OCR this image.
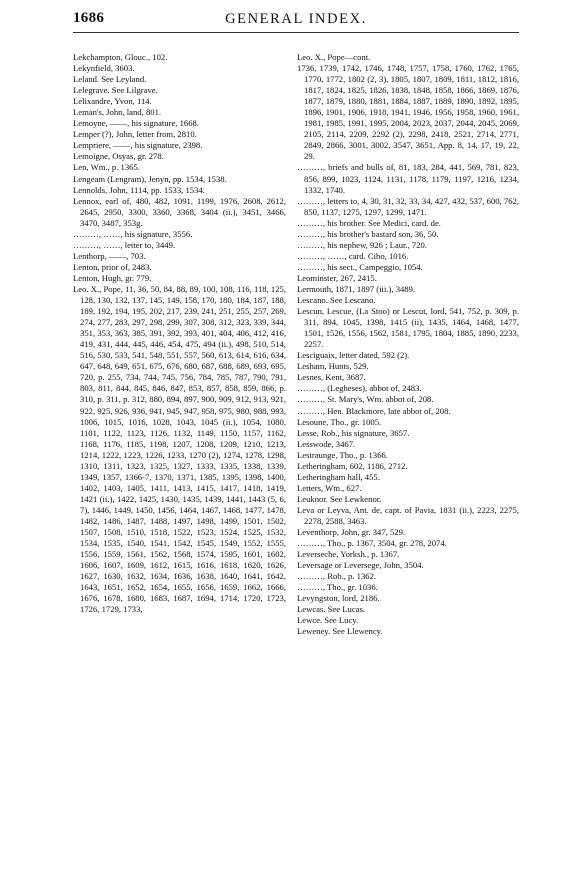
1686	GENERAL INDEX.

Lekchampton, Glouc., 102.

Lekynfield, 3603.

Leland. See Leyland.

Lelegrave. See Lilgrave.

Lelixandre, Yvon, 114.

Leman's, John, land, 801.

Lemoyne, ——, his signature, 1668.

Lemper (?), John, letter from, 2810.

Lempriere, ——, his signature, 2398.

Lemoigne, Osyas, gr. 278.

Len, Wm., p. 1365.

Lengeam (Lengram), Jenyn, pp. 1534, 1538.

Lennolds, John, 1114, pp. 1533, 1534.

Lennox, earl of, 480, 482, 1091, 1199, 1976, 2608, 2612, 2645, 2950, 3300, 3360, 3368, 3404 (ii.), 3451, 3466, 3470, 3487, 353g.

………, ……, his signature, 3556.

………, ……, letter to, 3449.

Lenthorp, ——, 703.

Lenton, prior of, 2483.

Lenton, Hugh, gr. 779.

Leo. X., Pope, 11, 36, 50, 84, 88, 89, 100, 108, 116, 118, 125, 128, 130, 132, 137, 145, 149, 158, 170, 180, 184, 187, 188, 189, 192, 194, 195, 202, 217, 239, 241, 251, 255, 257, 269, 274, 277, 283, 297, 298, 299, 307, 308, 312, 323, 339, 344, 351, 353, 363, 385, 391, 392, 393, 401, 404, 406, 412, 416, 419, 431, 444, 445, 446, 454, 475, 494 (ii.), 498, 510, 514, 516, 530, 533, 541, 548, 551, 557, 560, 613, 614, 616, 634, 647, 648, 649, 651, 675, 676, 680, 687, 688, 689, 693, 695, 720, p. 255, 734, 744, 745, 756, 784, 785, 787, 790, 791, 803, 811, 844, 845, 846, 847, 853, 857, 858, 859, 866, p. 310, p. 311, p. 312, 880, 894, 897, 900, 909, 912, 913, 921, 922, 925, 926, 936, 941, 945, 947, 958, 975, 980, 988, 993, 1006, 1015, 1016, 1028, 1043, 1045 (ii.), 1054, 1080, 1101, 1122, 1123, 1126, 1132, 1149, 1150, 1157, 1162, 1168, 1176, 1185, 1198, 1207, 1208, 1209, 1210, 1213, 1214, 1222, 1223, 1226, 1233, 1270 (2), 1274, 1278, 1298, 1310, 1311, 1323, 1325, 1327, 1333, 1335, 1338, 1339, 1349, 1357, 1366-7, 1370, 1371, 1385, 1395, 1398, 1400, 1402, 1403, 1405, 1411, 1413, 1415, 1417, 1418, 1419, 1421 (ii.), 1422, 1425, 1430, 1435, 1439, 1441, 1443 (5, 6, 7), 1446, 1449, 1450, 1456, 1464, 1467, 1468, 1477, 1478, 1482, 1486, 1487, 1488, 1497, 1498, 1499, 1501, 1502, 1507, 1508, 1510, 1518, 1522, 1523, 1524, 1525, 1532, 1534, 1535, 1540, 1541, 1542, 1545, 1549, 1552, 1555, 1556, 1559, 1561, 1562, 1568, 1574, 1595, 1601, 1602, 1606, 1607, 1609, 1612, 1615, 1616, 1618, 1620, 1626, 1627, 1630, 1632, 1634, 1636, 1638, 1640, 1641, 1642, 1643, 1651, 1652, 1654, 1655, 1656, 1659, 1662, 1666, 1676, 1678, 1680, 1683, 1687, 1694, 1714, 1720, 1723, 1726, 1729, 1733,

Leo. X., Pope—cont.

1736, 1739, 1742, 1746, 1748, 1757, 1758, 1760, 1762, 1765, 1770, 1772, 1802 (2, 3), 1805, 1807, 1809, 1811, 1812, 1816, 1817, 1824, 1825, 1826, 1838, 1848, 1858, 1866, 1869, 1876, 1877, 1879, 1880, 1881, 1884, 1887, 1889, 1890, 1892, 1895, 1896, 1901, 1906, 1918, 1941, 1946, 1956, 1958, 1960, 1961, 1981, 1985, 1991, 1995, 2004, 2023, 2037, 2044, 2045, 2069, 2105, 2114, 2209, 2292 (2), 2298, 2418, 2521, 2714, 2771, 2849, 2866, 3001, 3002, 3547, 3651, App. 8, 14, 17, 19, 22, 29.

………, briefs and bulls of, 81, 183, 284, 441, 569, 781, 823, 856, 899, 1023, 1124, 1131, 1178, 1179, 1197, 1216, 1234, 1332, 1740.

………, letters to, 4, 30, 31, 32, 33, 34, 427, 432, 537, 600, 762, 850, 1137, 1275, 1297, 1299, 1471.

………, his brother. See Medici, card. de.

………, his brother's bastard son, 36, 50.

………, his nephew, 926 ; Laur., 720.

………, ……, card. Cibo, 1016.

………, his sect., Campeggio, 1054.

Leominster, 267, 2415.

Lermouth, 1871, 1897 (iii.), 3489.

Lescano. See Lescano.

Lescun, Lescue, (La Stoo) or Lescut, lord, 541, 752, p. 309, p. 311, 894, 1045, 1398, 1415 (ii), 1435, 1464, 1468, 1477, 1501, 1526, 1556, 1562, 1581, 1795, 1804, 1885, 1890, 2233, 2257.

Lesciguaix, letter dated, 592 (2).

Lesham, Hunts, 529.

Lesnes, Kent, 3687.

………, (Legheses), abbot of, 2483.

………, St. Mary's, Wm. abbot of, 208.

………, Hen. Blackmore, late abbot of, 208.

Lesoune, Tho., gr. 1005.

Lesse, Rob., his signature, 3657.

Lesswode, 3467.

Lestraunge, Tho., p. 1366.

Letheringham, 602, 1186, 2712.

Letheringham hall, 455.

Letters, Wm., 627.

Leuknor. See Lewkenor.

Leva or Leyva, Ant. de, capt. of Pavia, 1831 (ii.), 2223, 2275, 2278, 2588, 3463.

Leventhorp, John, gr. 347, 529.

………, Tho., p. 1367, 3504, gr. 278, 2074.

Leverseche, Yorksh., p. 1367.

Leversage or Leversege, John, 3504.

………, Rob., p. 1362.

………, Tho., gr. 1036.

Levyngston, lord, 2186.

Lewcas. See Lucas.

Lewce. See Lucy.

Leweney. See Llewency.
